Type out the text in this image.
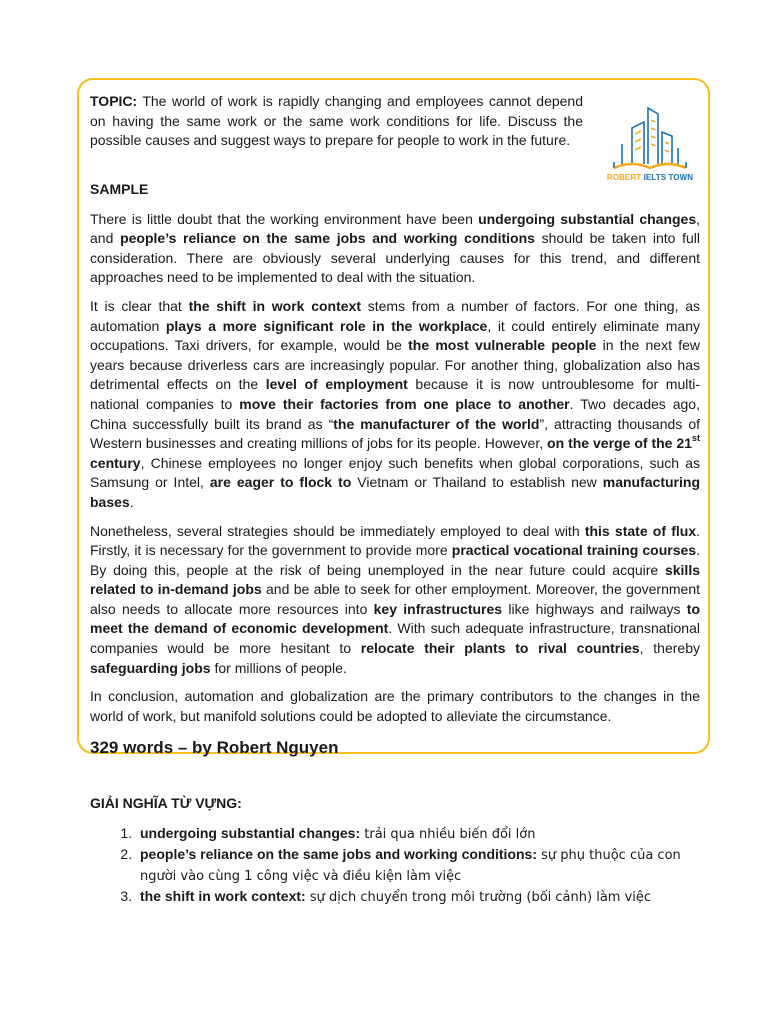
TOPIC: The world of work is rapidly changing and employees cannot depend on having the same work or the same work conditions for life. Discuss the possible causes and suggest ways to prepare for people to work in the future.
ROBERT IELTS TOWN
SAMPLE

There is little doubt that the working environment have been undergoing substantial changes, and people’s reliance on the same jobs and working conditions should be taken into full consideration. There are obviously several underlying causes for this trend, and different approaches need to be implemented to deal with the situation.

It is clear that the shift in work context stems from a number of factors. For one thing, as automation plays a more significant role in the workplace, it could entirely eliminate many occupations. Taxi drivers, for example, would be the most vulnerable people in the next few years because driverless cars are increasingly popular. For another thing, globalization also has detrimental effects on the level of employment because it is now untroublesome for multi-national companies to move their factories from one place to another. Two decades ago, China successfully built its brand as “the manufacturer of the world”, attracting thousands of Western businesses and creating millions of jobs for its people. However, on the verge of the 21st century, Chinese employees no longer enjoy such benefits when global corporations, such as Samsung or Intel, are eager to flock to Vietnam or Thailand to establish new manufacturing bases.

Nonetheless, several strategies should be immediately employed to deal with this state of flux. Firstly, it is necessary for the government to provide more practical vocational training courses. By doing this, people at the risk of being unemployed in the near future could acquire skills related to in-demand jobs and be able to seek for other employment. Moreover, the government also needs to allocate more resources into key infrastructures like highways and railways to meet the demand of economic development. With such adequate infrastructure, transnational companies would be more hesitant to relocate their plants to rival countries, thereby safeguarding jobs for millions of people.

In conclusion, automation and globalization are the primary contributors to the changes in the world of work, but manifold solutions could be adopted to alleviate the circumstance.

329 words – by Robert Nguyen
GIẢI NGHĨA TỪ VỰNG:
1. undergoing substantial changes: trải qua nhiều biến đổi lớn
2. people’s reliance on the same jobs and working conditions: sự phụ thuộc của con người vào cùng 1 công việc và điều kiện làm việc
3. the shift in work context: sự dịch chuyển trong môi trường (bối cảnh) làm việc
